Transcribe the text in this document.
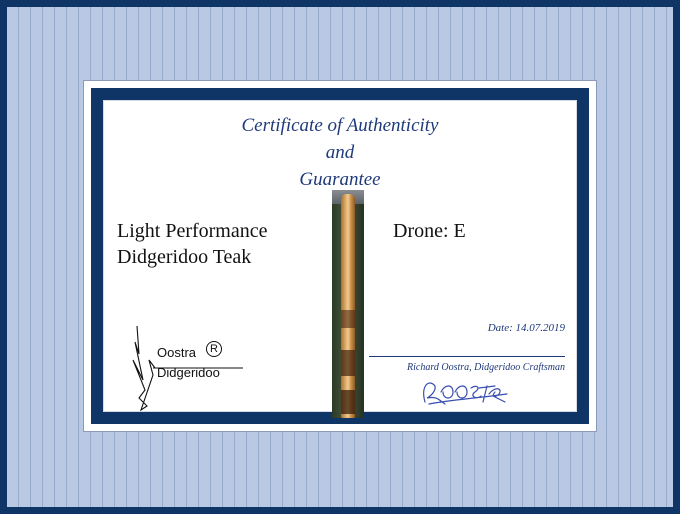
Certificate of Authenticity
and
Guarantee
Light Performance
Didgeridoo Teak
Drone: E
Oostra	R
Didgeridoo
Date: 14.07.2019
Richard Oostra, Didgeridoo Craftsman
